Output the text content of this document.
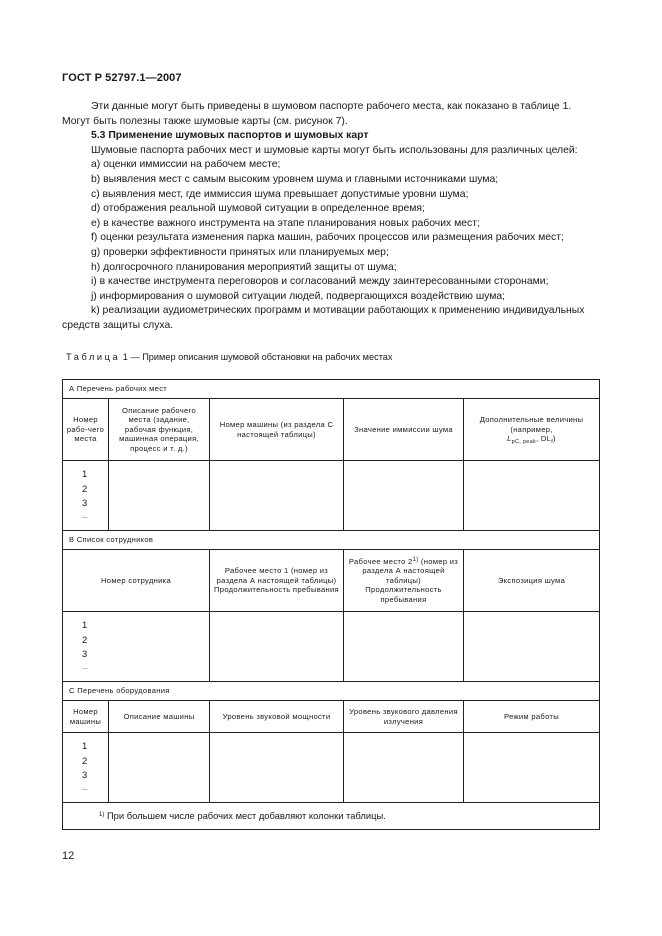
ГОСТ Р 52797.1—2007

Эти данные могут быть приведены в шумовом паспорте рабочего места, как показано в таблице 1. Могут быть полезны также шумовые карты (см. рисунок 7).

5.3 Применение шумовых паспортов и шумовых карт

Шумовые паспорта рабочих мест и шумовые карты могут быть использованы для различных целей:

a) оценки иммиссии на рабочем месте;

b) выявления мест с самым высоким уровнем шума и главными источниками шума;

c) выявления мест, где иммиссия шума превышает допустимые уровни шума;

d) отображения реальной шумовой ситуации в определенное время;

e) в качестве важного инструмента на этапе планирования новых рабочих мест;

f) оценки результата изменения парка машин, рабочих процессов или размещения рабочих мест;

g) проверки эффективности принятых или планируемых мер;

h) долгосрочного планирования мероприятий защиты от шума;

i) в качестве инструмента переговоров и согласований между заинтересованными сторонами;

j) информирования о шумовой ситуации людей, подвергающихся воздействию шума;

k) реализации аудиометрических программ и мотивации работающих к применению индивидуальных средств защиты слуха.

Таблица 1 — Пример описания шумовой обстановки на рабочих местах
А Перечень рабочих мест				
Номер рабо-чего места	Описание рабочего места (задание, рабочая функция, машинная операция, процесс и т. д.)	Номер машины (из раздела С настоящей таблицы)	Значение иммиссии шума	Дополнительные величины (например,
$L_{pC, peak}$, $DL_f$)

1
2
3
...				

В Список сотрудников				
Номер сотрудника		Рабочее место 1 (номер из раздела А настоящей таблицы) Продолжительность пребывания	Рабочее место 2$^{1)}$ (номер из раздела А настоящей таблицы) Продолжительность пребывания	Экспозиция шума

1
2
3
...				

С Перечень оборудования				
Номер машины	Описание машины	Уровень звуковой мощности	Уровень звукового давления излучения	Режим работы

1
2
3
...				

$^{1)}$ При большем числе рабочих мест добавляют колонки таблицы.				
12
